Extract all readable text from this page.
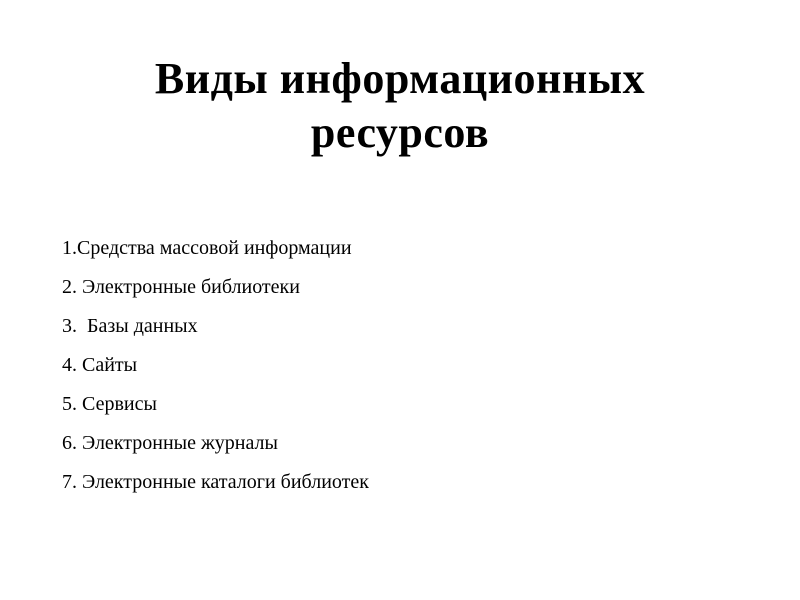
Виды информационных
ресурсов
1.Средства массовой информации
2. Электронные библиотеки
3.  Базы данных
4. Сайты
5. Сервисы
6. Электронные журналы
7. Электронные каталоги библиотек
